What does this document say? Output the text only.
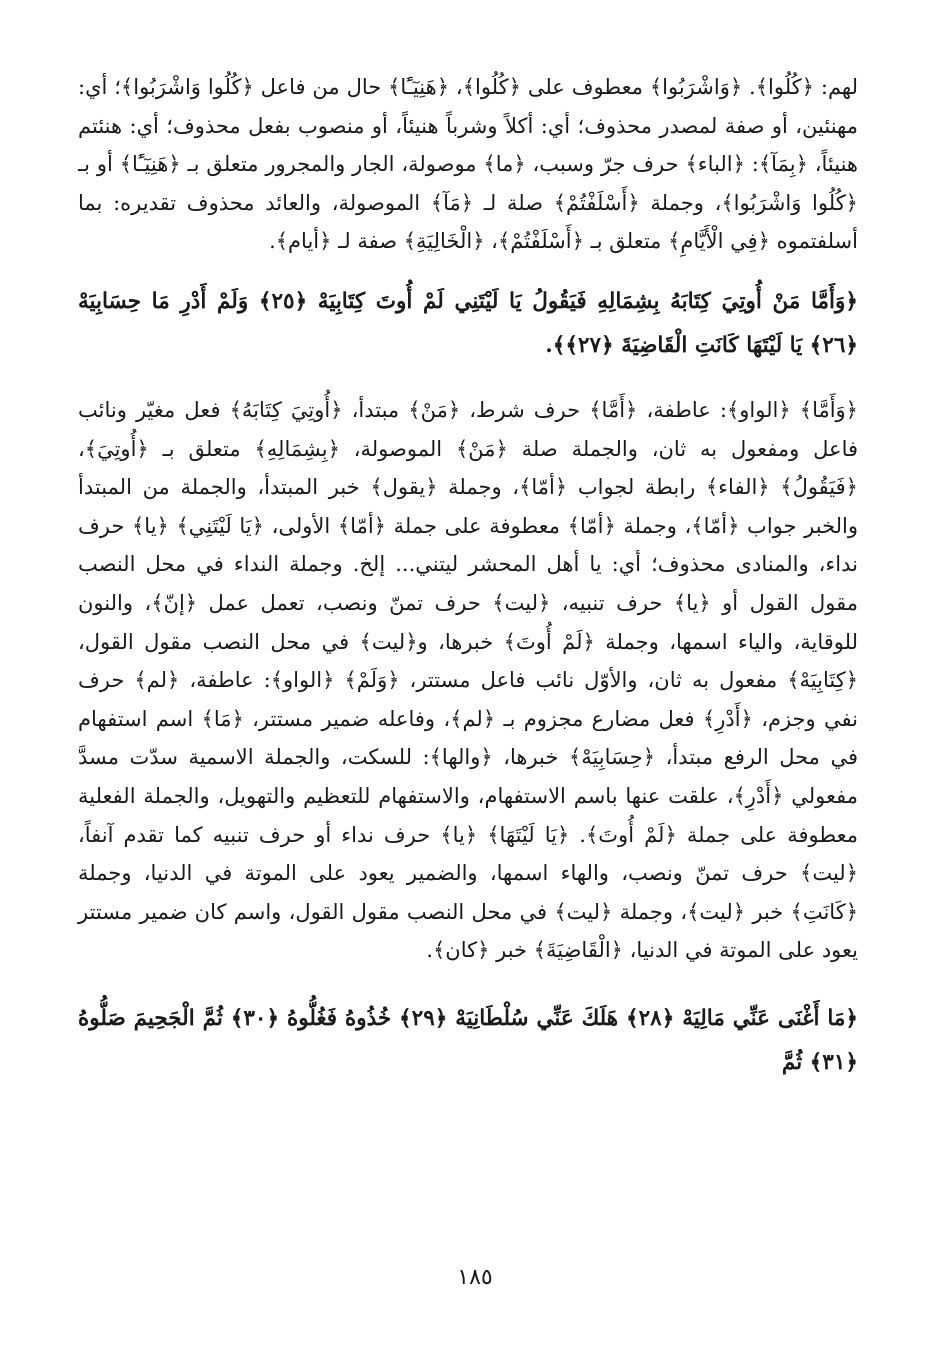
لهم: ﴿كُلُوا﴾. ﴿وَاشْرَبُوا﴾ معطوف على ﴿كُلُوا﴾، ﴿هَنِيٓـًٔا﴾ حال من فاعل ﴿كُلُوا وَاشْرَبُوا﴾؛ أي: مهنئين، أو صفة لمصدر محذوف؛ أي: أكلاً وشرباً هنيئاً، أو منصوب بفعل محذوف؛ أي: هنئتم هنيئاً، ﴿بِمَآ﴾: ﴿الباء﴾ حرف جرّ وسبب، ﴿ما﴾ موصولة، الجار والمجرور متعلق بـ ﴿هَنِيٓـًٔا﴾ أو بـ ﴿كُلُوا وَاشْرَبُوا﴾، وجملة ﴿أَسْلَفْتُمْ﴾ صلة لـ ﴿مَآ﴾ الموصولة، والعائد محذوف تقديره: بما أسلفتموه ﴿فِي الْأَيَّامِ﴾ متعلق بـ ﴿أَسْلَفْتُمْ﴾، ﴿الْخَالِيَةِ﴾ صفة لـ ﴿أيام﴾.

﴿وَأَمَّا مَنْ أُوتِيَ كِتَابَهُ بِشِمَالِهِ فَيَقُولُ يَا لَيْتَنِي لَمْ أُوتَ كِتَابِيَهْ ﴿٢٥﴾ وَلَمْ أَدْرِ مَا حِسَابِيَهْ ﴿٢٦﴾ يَا لَيْتَهَا كَانَتِ الْقَاضِيَةَ ﴿٢٧﴾﴾.

﴿وَأَمَّا﴾ ﴿الواو﴾: عاطفة، ﴿أَمَّا﴾ حرف شرط، ﴿مَنْ﴾ مبتدأ، ﴿أُوتِيَ كِتَابَهُ﴾ فعل مغيّر ونائب فاعل ومفعول به ثان، والجملة صلة ﴿مَنْ﴾ الموصولة، ﴿بِشِمَالِهِ﴾ متعلق بـ ﴿أُوتِيَ﴾، ﴿فَيَقُولُ﴾ ﴿الفاء﴾ رابطة لجواب ﴿أمّا﴾، وجملة ﴿يقول﴾ خبر المبتدأ، والجملة من المبتدأ والخبر جواب ﴿أمّا﴾، وجملة ﴿أمّا﴾ معطوفة على جملة ﴿أمّا﴾ الأولى، ﴿يَا لَيْتَنِي﴾ ﴿يا﴾ حرف نداء، والمنادى محذوف؛ أي: يا أهل المحشر ليتني... إلخ. وجملة النداء في محل النصب مقول القول أو ﴿يا﴾ حرف تنبيه، ﴿ليت﴾ حرف تمنّ ونصب، تعمل عمل ﴿إنّ﴾، والنون للوقاية، والياء اسمها، وجملة ﴿لَمْ أُوتَ﴾ خبرها، و﴿ليت﴾ في محل النصب مقول القول، ﴿كِتَابِيَهْ﴾ مفعول به ثان، والأوّل نائب فاعل مستتر، ﴿وَلَمْ﴾ ﴿الواو﴾: عاطفة، ﴿لم﴾ حرف نفي وجزم، ﴿أَدْرِ﴾ فعل مضارع مجزوم بـ ﴿لم﴾، وفاعله ضمير مستتر، ﴿مَا﴾ اسم استفهام في محل الرفع مبتدأ، ﴿حِسَابِيَهْ﴾ خبرها، ﴿والها﴾: للسكت، والجملة الاسمية سدّت مسدَّ مفعولي ﴿أَدْرِ﴾، علقت عنها باسم الاستفهام، والاستفهام للتعظيم والتهويل، والجملة الفعلية معطوفة على جملة ﴿لَمْ أُوتَ﴾. ﴿يَا لَيْتَهَا﴾ ﴿يا﴾ حرف نداء أو حرف تنبيه كما تقدم آنفاً، ﴿ليت﴾ حرف تمنّ ونصب، والهاء اسمها، والضمير يعود على الموتة في الدنيا، وجملة ﴿كَانَتِ﴾ خبر ﴿ليت﴾، وجملة ﴿ليت﴾ في محل النصب مقول القول، واسم كان ضمير مستتر يعود على الموتة في الدنيا، ﴿الْقَاضِيَةَ﴾ خبر ﴿كان﴾.

﴿مَا أَغْنَى عَنِّي مَالِيَهْ ﴿٢٨﴾ هَلَكَ عَنِّي سُلْطَانِيَهْ ﴿٢٩﴾ خُذُوهُ فَغُلُّوهُ ﴿٣٠﴾ ثُمَّ الْجَحِيمَ صَلُّوهُ ﴿٣١﴾ ثُمَّ

١٨٥
